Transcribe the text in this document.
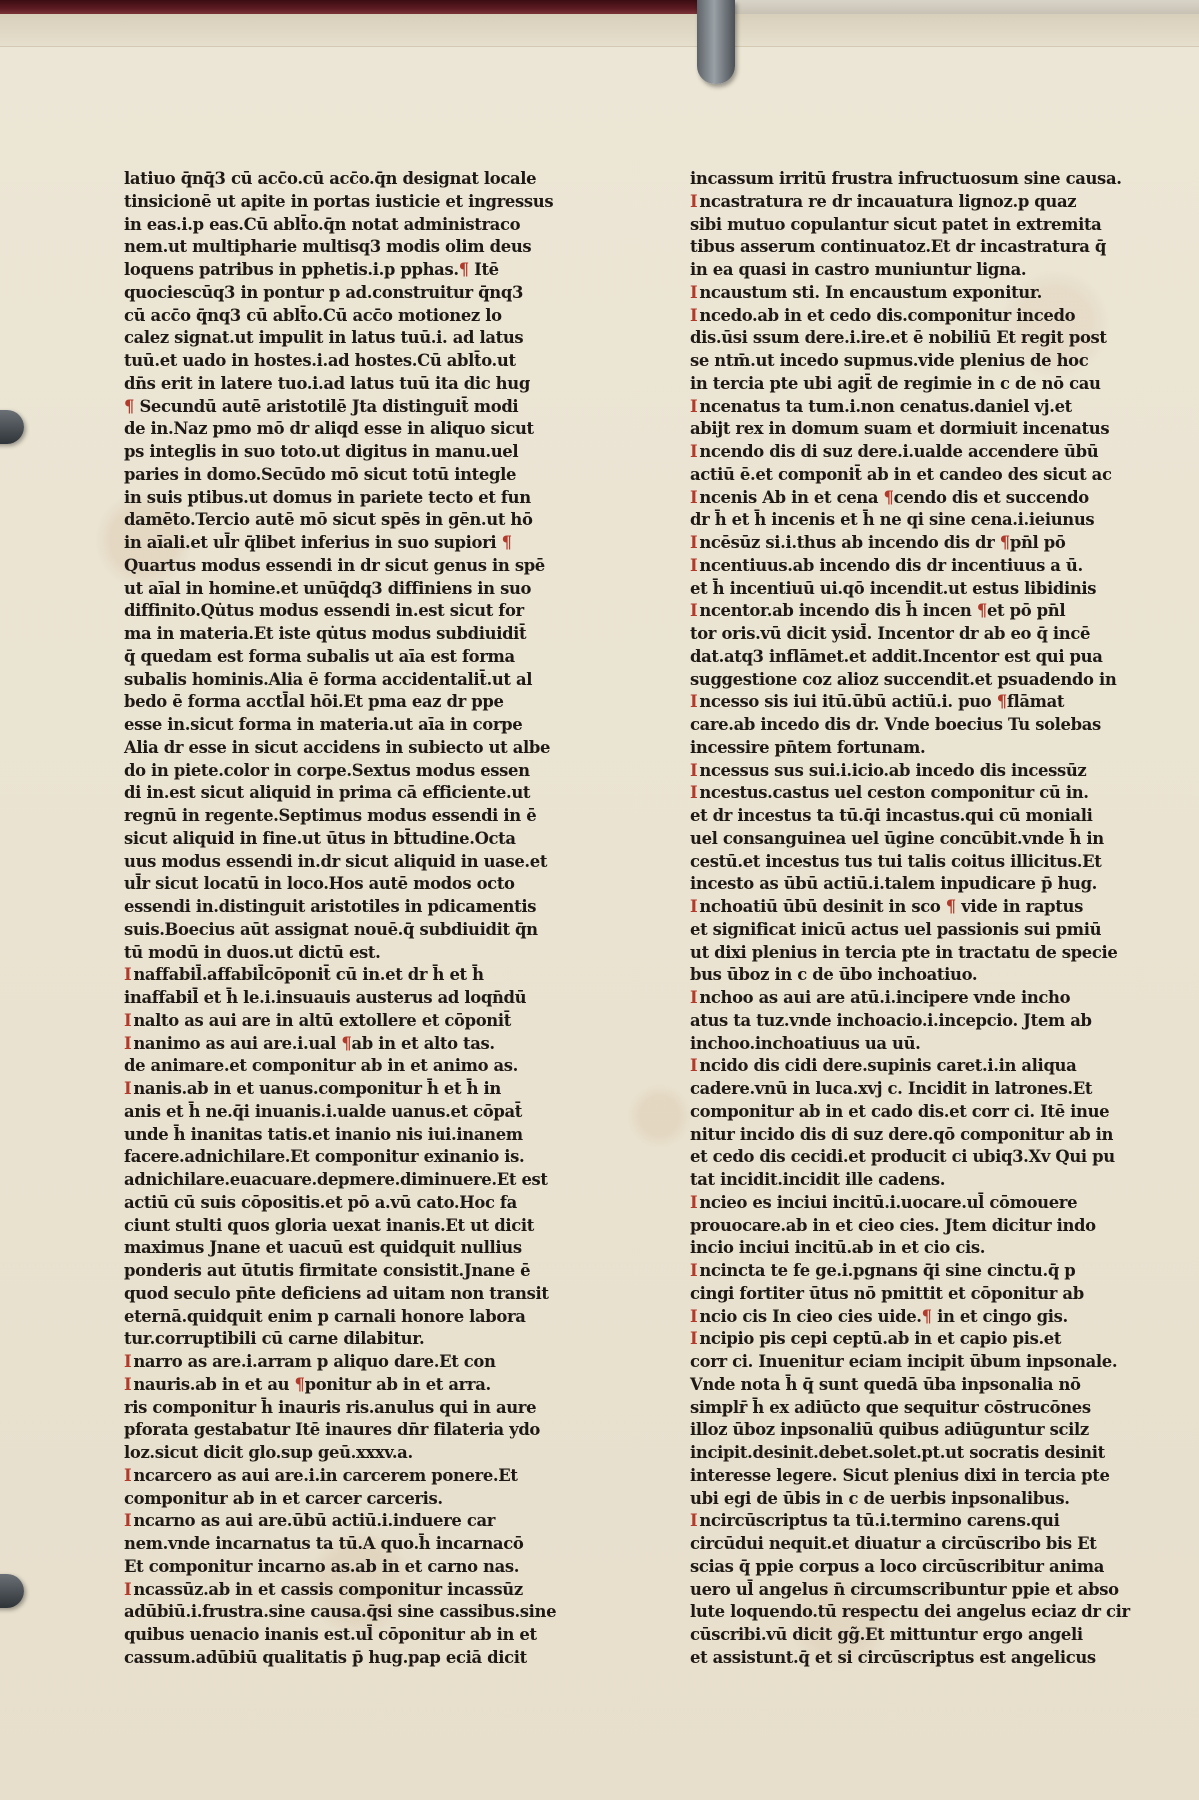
latiuo q̄nq̄3 cū acc̄o.cū acc̄o.q̄n designat locale
tinsicionē ut apite in portas iusticie et ingressus
in eas.i.p eas.Cū ablt̄o.q̄n notat administraco
nem.ut multipharie multisq3 modis olim deus
loquens patribus in pphetis.i.p pphas.¶ Itē
quociescūq3 in pontur p ad.construitur q̄nq3
cū acc̄o q̄nq3 cū ablt̄o.Cū acc̄o motionez lo
calez signat.ut impulit in latus tuū.i. ad latus
tuū.et uado in hostes.i.ad hostes.Cū ablt̄o.ut
dn̄s erit in latere tuo.i.ad latus tuū ita dic hug
¶ Secundū autē aristotilē Jta distinguit̄ modi
de in.Naz pmo mō dr aliqd esse in aliquo sicut
ps integlis in suo toto.ut digitus in manu.uel
paries in domo.Secūdo mō sicut totū integle
in suis ptibus.ut domus in pariete tecto et fun
damēto.Tercio autē mō sicut spēs in gēn.ut hō
in aīali.et ul̄r q̄libet inferius in suo supiori ¶
Quartus modus essendi in dr sicut genus in spē
ut aīal in homine.et unūq̄dq3 diffiniens in suo
diffinito.Qu̇tus modus essendi in.est sicut for
ma in materia.Et iste qu̇tus modus subdiuidit̄
q̄ quedam est forma subalis ut aīa est forma
subalis hominis.Alia ē forma accidentalit̄.ut al
bedo ē forma acctl̄al hōi.Et pma eaz dr ppe
esse in.sicut forma in materia.ut aīa in corpe
Alia dr esse in sicut accidens in subiecto ut albe
do in piete.color in corpe.Sextus modus essen
di in.est sicut aliquid in prima cā efficiente.ut
regnū in regente.Septimus modus essendi in ē
sicut aliquid in fine.ut ūtus in bt̄tudine.Octa
uus modus essendi in.dr sicut aliquid in uase.et
ul̄r sicut locatū in loco.Hos autē modos octo
essendi in.distinguit aristotiles in pdicamentis
suis.Boecius aūt assignat nouē.q̄ subdiuidit q̄n
tū modū in duos.ut dictū est.
I naffabil̄.affabil̄cōponit̄ cū in.et dr h̄ et h̄
inaffabil̄ et h̄ le.i.insuauis austerus ad loqn̄dū
I nalto as aui are in altū extollere et cōponit̄
I nanimo as aui are.i.ual ¶ab in et alto tas.
de animare.et componitur ab in et animo as.
I nanis.ab in et uanus.componitur h̄ et h̄ in
anis et h̄ ne.q̄i inuanis.i.ualde uanus.et cōpat̄
unde h̄ inanitas tatis.et inanio nis iui.inanem
facere.adnichilare.Et componitur exinanio is.
adnichilare.euacuare.depmere.diminuere.Et est
actiū cū suis cōpositis.et pō a.vū cato.Hoc fa
ciunt stulti quos gloria uexat inanis.Et ut dicit
maximus Jnane et uacuū est quidquit nullius
ponderis aut ūtutis firmitate consistit.Jnane ē
quod seculo pn̄te deficiens ad uitam non transit
eternā.quidquit enim p carnali honore labora
tur.corruptibili cū carne dilabitur.
I narro as are.i.arram p aliquo dare.Et con
I nauris.ab in et au ¶ponitur ab in et arra.
ris componitur h̄ inauris ris.anulus qui in aure
pforata gestabatur Itē inaures dn̄r filateria ydo
loz.sicut dicit glo.sup geū.xxxv.a.
I ncarcero as aui are.i.in carcerem ponere.Et
componitur ab in et carcer carceris.
I ncarno as aui are.ūbū actiū.i.induere car
nem.vnde incarnatus ta tū.A quo.h̄ incarnacō
Et componitur incarno as.ab in et carno nas.
I ncassūz.ab in et cassis componitur incassūz
adūbiū.i.frustra.sine causa.q̄si sine cassibus.sine
quibus uenacio inanis est.ul̄ cōponitur ab in et
cassum.adūbiū qualitatis p̄ hug.pap eciā dicit
incassum irritū frustra infructuosum sine causa.
I ncastratura re dr incauatura lignoz.p quaz
sibi mutuo copulantur sicut patet in extremita
tibus asserum continuatoz.Et dr incastratura q̄
in ea quasi in castro muniuntur ligna.
I ncaustum sti. In encaustum exponitur.
I ncedo.ab in et cedo dis.componitur incedo
dis.ūsi ssum dere.i.ire.et ē nobiliū Et regit post
se ntm̄.ut incedo supmus.vide plenius de hoc
in tercia pte ubi agit̄ de regimie in c de nō cau
I ncenatus ta tum.i.non cenatus.daniel vj.et
abijt rex in domum suam et dormiuit incenatus
I ncendo dis di suz dere.i.ualde accendere ūbū
actiū ē.et componit̄ ab in et candeo des sicut ac
I ncenis Ab in et cena ¶cendo dis et succendo
dr h̄ et h̄ incenis et h̄ ne qi sine cena.i.ieiunus
I ncēsūz si.i.thus ab incendo dis dr ¶pn̄l pō
I ncentiuus.ab incendo dis dr incentiuus a ū.
et h̄ incentiuū ui.qō incendit.ut estus libidinis
I ncentor.ab incendo dis h̄ incen ¶et pō pn̄l
tor oris.vū dicit ysid̄. Incentor dr ab eo q̄ incē
dat.atq3 inflāmet.et addit.Incentor est qui pua
suggestione coz alioz succendit.et psuadendo in
I ncesso sis iui itū.ūbū actiū.i. puo ¶flāmat
care.ab incedo dis dr. Vnde boecius Tu solebas
incessire pn̄tem fortunam.
I ncessus sus sui.i.icio.ab incedo dis incessūz
I ncestus.castus uel ceston componitur cū in.
et dr incestus ta tū.q̄i incastus.qui cū moniali
uel consanguinea uel ūgine concūbit.vnde h̄ in
cestū.et incestus tus tui talis coitus illicitus.Et
incesto as ūbū actiū.i.talem inpudicare p̄ hug.
I nchoatiū ūbū desinit in sco ¶ vide in raptus
et significat inicū actus uel passionis sui pmiū
ut dixi plenius in tercia pte in tractatu de specie
bus ūboz in c de ūbo inchoatiuo.
I nchoo as aui are atū.i.incipere vnde incho
atus ta tuz.vnde inchoacio.i.incepcio. Jtem ab
inchoo.inchoatiuus ua uū.
I ncido dis cidi dere.supinis caret.i.in aliqua
cadere.vnū in luca.xvj c. Incidit in latrones.Et
componitur ab in et cado dis.et corr ci. Itē inue
nitur incido dis di suz dere.qō componitur ab in
et cedo dis cecidi.et producit ci ubiq3.Xv Qui pu
tat incidit.incidit ille cadens.
I ncieo es inciui incitū.i.uocare.ul̄ cōmouere
prouocare.ab in et cieo cies. Jtem dicitur indo
incio inciui incitū.ab in et cio cis.
I ncincta te fe ge.i.pgnans q̄i sine cinctu.q̄ p
cingi fortiter ūtus nō pmittit et cōponitur ab
I ncio cis In cieo cies uide.¶ in et cingo gis.
I ncipio pis cepi ceptū.ab in et capio pis.et
corr ci. Inuenitur eciam incipit ūbum inpsonale.
Vnde nota h̄ q̄ sunt quedā ūba inpsonalia nō
simplr̄ h̄ ex adiūcto que sequitur cōstrucōnes
illoz ūboz inpsonaliū quibus adiūguntur scilz
incipit.desinit.debet.solet.pt.ut socratis desinit
interesse legere. Sicut plenius dixi in tercia pte
ubi egi de ūbis in c de uerbis inpsonalibus.
I ncircūscriptus ta tū.i.termino carens.qui
circūdui nequit.et diuatur a circūscribo bis Et
scias q̄ ppie corpus a loco circūscribitur anima
uero ul̄ angelus n̄ circumscribuntur ppie et abso
lute loquendo.tū respectu dei angelus eciaz dr cir
cūscribi.vū dicit gg̃.Et mittuntur ergo angeli
et assistunt.q̄ et si circūscriptus est angelicus
